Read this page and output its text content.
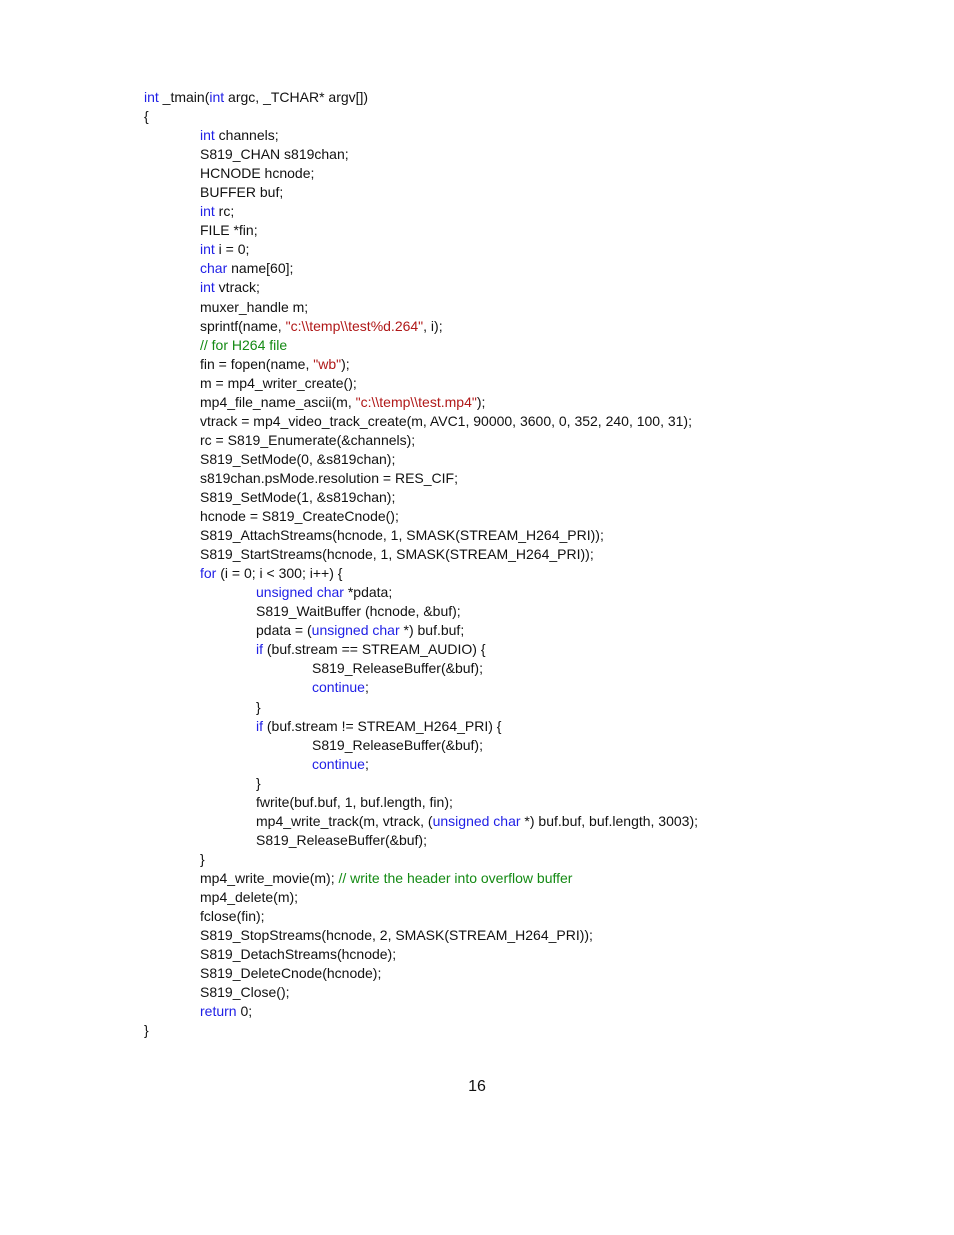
int _tmain(int argc, _TCHAR* argv[])
{
int channels;
S819_CHAN s819chan;
HCNODE hcnode;
BUFFER buf;
int rc;
FILE *fin;
int i = 0;
char name[60];
int vtrack;
muxer_handle m;
sprintf(name, "c:\\temp\\test%d.264", i);
// for H264 file
fin = fopen(name, "wb");
m = mp4_writer_create();
mp4_file_name_ascii(m, "c:\\temp\\test.mp4");
vtrack = mp4_video_track_create(m, AVC1, 90000, 3600, 0, 352, 240, 100, 31);
rc = S819_Enumerate(&channels);
S819_SetMode(0, &s819chan);
s819chan.psMode.resolution = RES_CIF;
S819_SetMode(1, &s819chan);
hcnode = S819_CreateCnode();
S819_AttachStreams(hcnode, 1, SMASK(STREAM_H264_PRI));
S819_StartStreams(hcnode, 1, SMASK(STREAM_H264_PRI));
for (i = 0; i < 300; i++) {
unsigned char *pdata;
S819_WaitBuffer (hcnode, &buf);
pdata = (unsigned char *) buf.buf;
if (buf.stream == STREAM_AUDIO) {
S819_ReleaseBuffer(&buf);
continue;
}
if (buf.stream != STREAM_H264_PRI) {
S819_ReleaseBuffer(&buf);
continue;
}
fwrite(buf.buf, 1, buf.length, fin);
mp4_write_track(m, vtrack, (unsigned char *) buf.buf, buf.length, 3003);
S819_ReleaseBuffer(&buf);
}
mp4_write_movie(m); // write the header into overflow buffer
mp4_delete(m);
fclose(fin);
S819_StopStreams(hcnode, 2, SMASK(STREAM_H264_PRI));
S819_DetachStreams(hcnode);
S819_DeleteCnode(hcnode);
S819_Close();
return 0;
}
16
